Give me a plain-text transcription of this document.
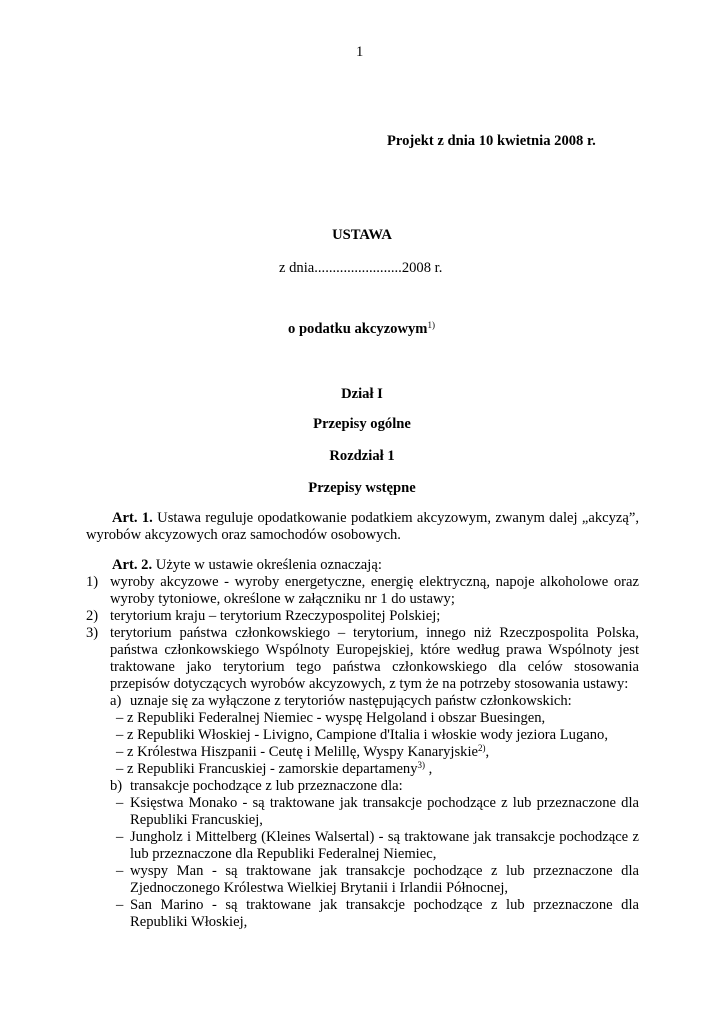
1
Projekt z dnia 10 kwietnia 2008 r.
USTAWA
z dnia........................2008 r.
o podatku akcyzowym$^{1)}$
Dział I
Przepisy ogólne
Rozdział 1
Przepisy wstępne

Art. 1. Ustawa reguluje opodatkowanie podatkiem akcyzowym, zwanym dalej „akcyzą”, wyrobów akcyzowych oraz samochodów osobowych.

Art. 2. Użyte w ustawie określenia oznaczają:

1) wyroby akcyzowe - wyroby energetyczne, energię elektryczną, napoje alkoholowe oraz wyroby tytoniowe, określone w załączniku nr 1 do ustawy;
2) terytorium kraju – terytorium Rzeczypospolitej Polskiej;
3) terytorium państwa członkowskiego – terytorium, innego niż Rzeczpospolita Polska, państwa członkowskiego Wspólnoty Europejskiej, które według prawa Wspólnoty jest traktowane jako terytorium tego państwa członkowskiego dla celów stosowania przepisów dotyczących wyrobów akcyzowych, z tym że na potrzeby stosowania ustawy:
a) uznaje się za wyłączone z terytoriów następujących państw członkowskich:
– z Republiki Federalnej Niemiec - wyspę Helgoland i obszar Buesingen,
– z Republiki Włoskiej - Livigno, Campione d'Italia i włoskie wody jeziora Lugano,
– z Królestwa Hiszpanii - Ceutę i Melillę, Wyspy Kanaryjskie$^{2)}$,
– z Republiki Francuskiej - zamorskie departameny$^{3)}$ ,
b) transakcje pochodzące z lub przeznaczone dla:
– Księstwa Monako - są traktowane jak transakcje pochodzące z lub przeznaczone dla Republiki Francuskiej,
– Jungholz i Mittelberg (Kleines Walsertal) - są traktowane jak transakcje pochodzące z lub przeznaczone dla Republiki Federalnej Niemiec,
– wyspy Man - są traktowane jak transakcje pochodzące z lub przeznaczone dla Zjednoczonego Królestwa Wielkiej Brytanii i Irlandii Północnej,
– San Marino - są traktowane jak transakcje pochodzące z lub przeznaczone dla Republiki Włoskiej,
